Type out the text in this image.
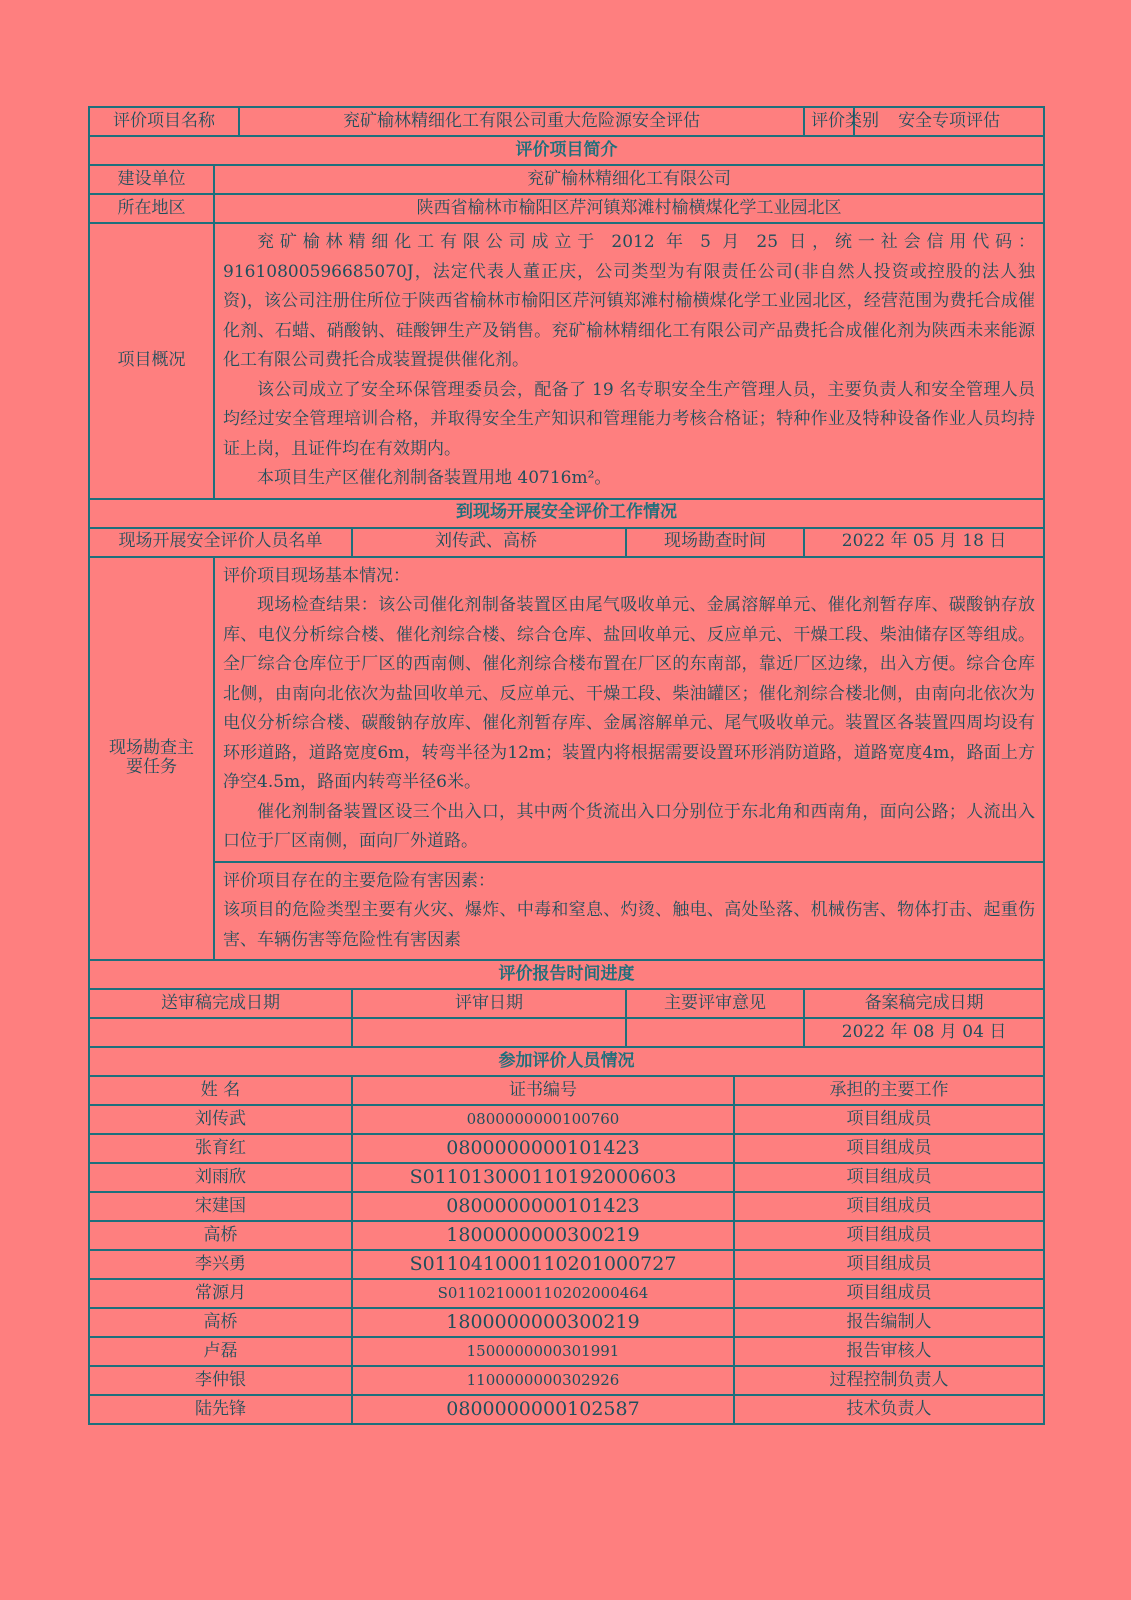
评价项目名称		兖矿榆林精细化工有限公司重大危险源安全评估				评价类别	安全专项评估
评价项目简介							
建设单位	兖矿榆林精细化工有限公司						
所在地区	陕西省榆林市榆阳区芹河镇郑滩村榆横煤化学工业园北区						
项目概况	兖矿榆林精细化工有限公司成立于 2012 年 5 月 25 日，统一社会信用代码：91610800596685070J，法定代表人董正庆，公司类型为有限责任公司(非自然人投资或控股的法人独资)，该公司注册住所位于陕西省榆林市榆阳区芹河镇郑滩村榆横煤化学工业园北区，经营范围为费托合成催化剂、石蜡、硝酸钠、硅酸钾生产及销售。兖矿榆林精细化工有限公司产品费托合成催化剂为陕西未来能源化工有限公司费托合成装置提供催化剂。

该公司成立了安全环保管理委员会，配备了 19 名专职安全生产管理人员，主要负责人和安全管理人员均经过安全管理培训合格，并取得安全生产知识和管理能力考核合格证；特种作业及特种设备作业人员均持证上岗，且证件均在有效期内。

本项目生产区催化剂制备装置用地 40716m²。						

到现场开展安全评价工作情况							
现场开展安全评价人员名单			刘传武、高桥	现场勘查时间		2022 年 05 月 18 日	
现场勘查主要任务	评价项目现场基本情况：

现场检查结果：该公司催化剂制备装置区由尾气吸收单元、金属溶解单元、催化剂暂存库、碳酸钠存放库、电仪分析综合楼、催化剂综合楼、综合仓库、盐回收单元、反应单元、干燥工段、柴油储存区等组成。全厂综合仓库位于厂区的西南侧、催化剂综合楼布置在厂区的东南部，靠近厂区边缘，出入方便。综合仓库北侧，由南向北依次为盐回收单元、反应单元、干燥工段、柴油罐区；催化剂综合楼北侧，由南向北依次为电仪分析综合楼、碳酸钠存放库、催化剂暂存库、金属溶解单元、尾气吸收单元。装置区各装置四周均设有环形道路，道路宽度6m，转弯半径为12m；装置内将根据需要设置环形消防道路，道路宽度4m，路面上方净空4.5m，路面内转弯半径6米。

催化剂制备装置区设三个出入口，其中两个货流出入口分别位于东北角和西南角，面向公路；人流出入口位于厂区南侧，面向厂外道路。						

	评价项目存在的主要危险有害因素：

该项目的危险类型主要有火灾、爆炸、中毒和窒息、灼烫、触电、高处坠落、机械伤害、物体打击、起重伤害、车辆伤害等危险性有害因素						

评价报告时间进度							
送审稿完成日期			评审日期	主要评审意见		备案稿完成日期	
						2022 年 08 月 04 日	
参加评价人员情况							
姓 名			证书编号		承担的主要工作		
刘传武			0800000000100760		项目组成员		
张育红			0800000000101423		项目组成员		
刘雨欣			S011013000110192000603		项目组成员		
宋建国			0800000000101423		项目组成员		
高桥			1800000000300219		项目组成员		
李兴勇			S011041000110201000727		项目组成员		
常源月			S011021000110202000464		项目组成员		
高桥			1800000000300219		报告编制人		
卢磊			1500000000301991		报告审核人		
李仲银			1100000000302926		过程控制负责人		
陆先锋			0800000000102587		技术负责人		
